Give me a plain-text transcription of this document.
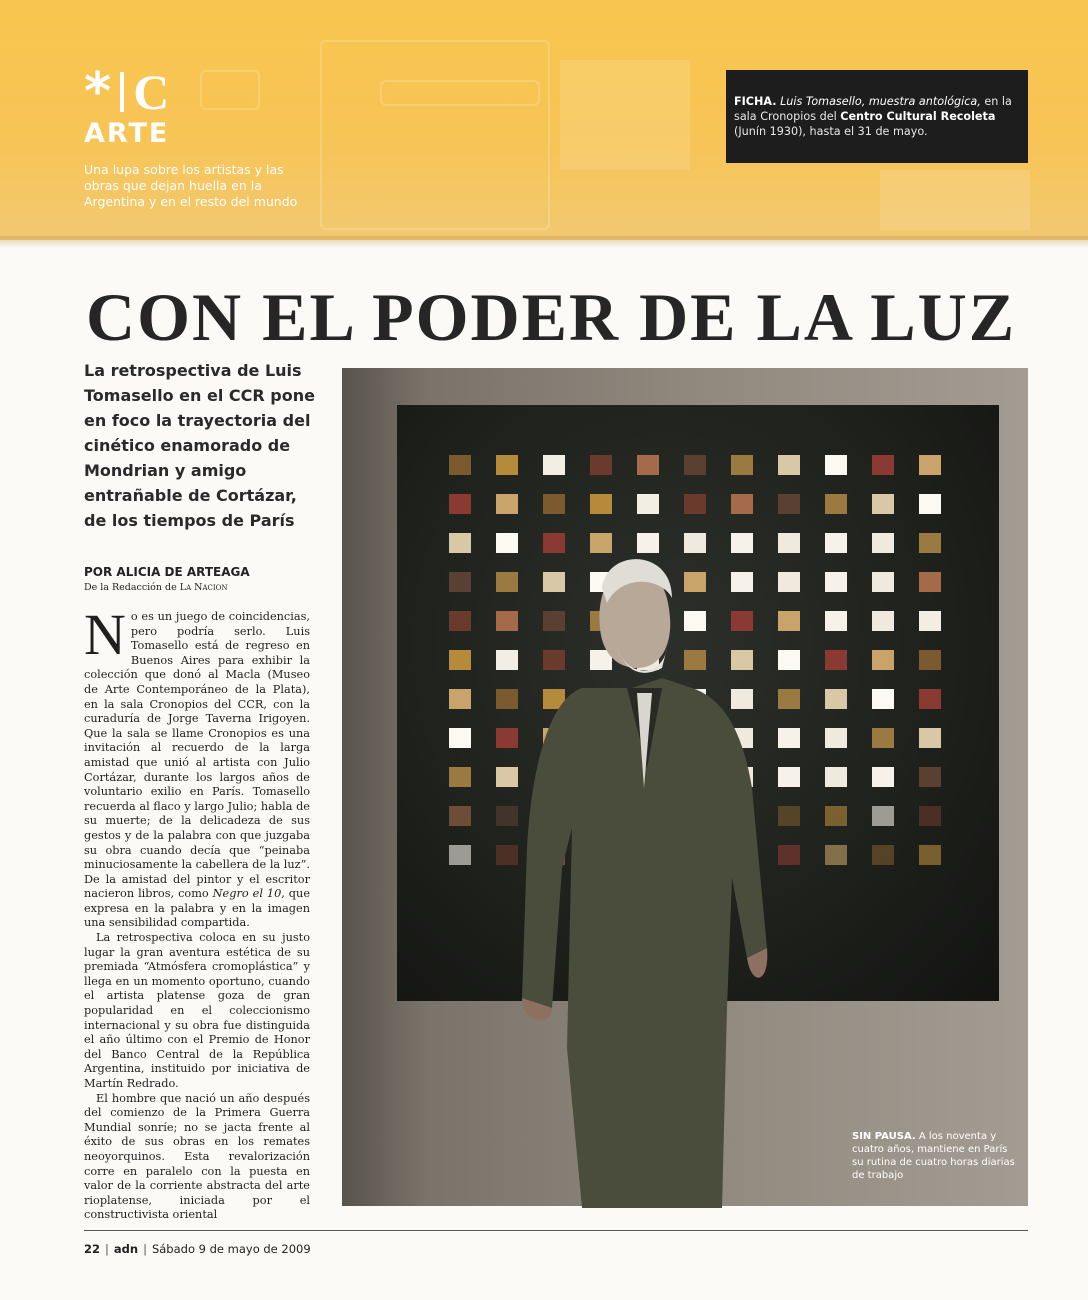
* C
ARTE
Una lupa sobre los artistas y las obras que dejan huella en la Argentina y en el resto del mundo
FICHA. Luis Tomasello, muestra antológica, en la sala Cronopios del Centro Cultural Recoleta (Junín 1930), hasta el 31 de mayo.
CON EL PODER DE LA LUZ
La retrospectiva de Luis Tomasello en el CCR pone en foco la trayectoria del cinético enamorado de Mondrian y amigo entrañable de Cortázar, de los tiempos de París
POR ALICIA DE ARTEAGA
De la Redacción de La Nacion

No es un juego de coincidencias, pero podría serlo. Luis Tomasello está de regreso en Buenos Aires para exhibir la colección que donó al Macla (Museo de Arte Contemporáneo de la Plata), en la sala Cronopios del CCR, con la curaduría de Jorge Taverna Irigoyen. Que la sala se llame Cronopios es una invitación al recuerdo de la larga amistad que unió al artista con Julio Cortázar, durante los largos años de voluntario exilio en París. Tomasello recuerda al flaco y largo Julio; habla de su muerte; de la delicadeza de sus gestos y de la palabra con que juzgaba su obra cuando decía que “peinaba minuciosamente la cabellera de la luz”. De la amistad del pintor y el escritor nacieron libros, como Negro el 10, que expresa en la palabra y en la imagen una sensibilidad compartida.

La retrospectiva coloca en su justo lugar la gran aventura estética de su premiada “Atmósfera cromoplástica” y llega en un momento oportuno, cuando el artista platense goza de gran popularidad en el coleccionismo internacional y su obra fue distinguida el año último con el Premio de Honor del Banco Central de la República Argentina, instituido por iniciativa de Martín Redrado.

El hombre que nació un año después del comienzo de la Primera Guerra Mundial sonríe; no se jacta frente al éxito de sus obras en los remates neoyorquinos. Esta revalorización corre en paralelo con la puesta en valor de la corriente abstracta del arte rioplatense, iniciada por el constructivista oriental

SIN PAUSA. A los noventa y cuatro años, mantiene en París su rutina de cuatro horas diarias de trabajo
22 | adn | Sábado 9 de mayo de 2009
